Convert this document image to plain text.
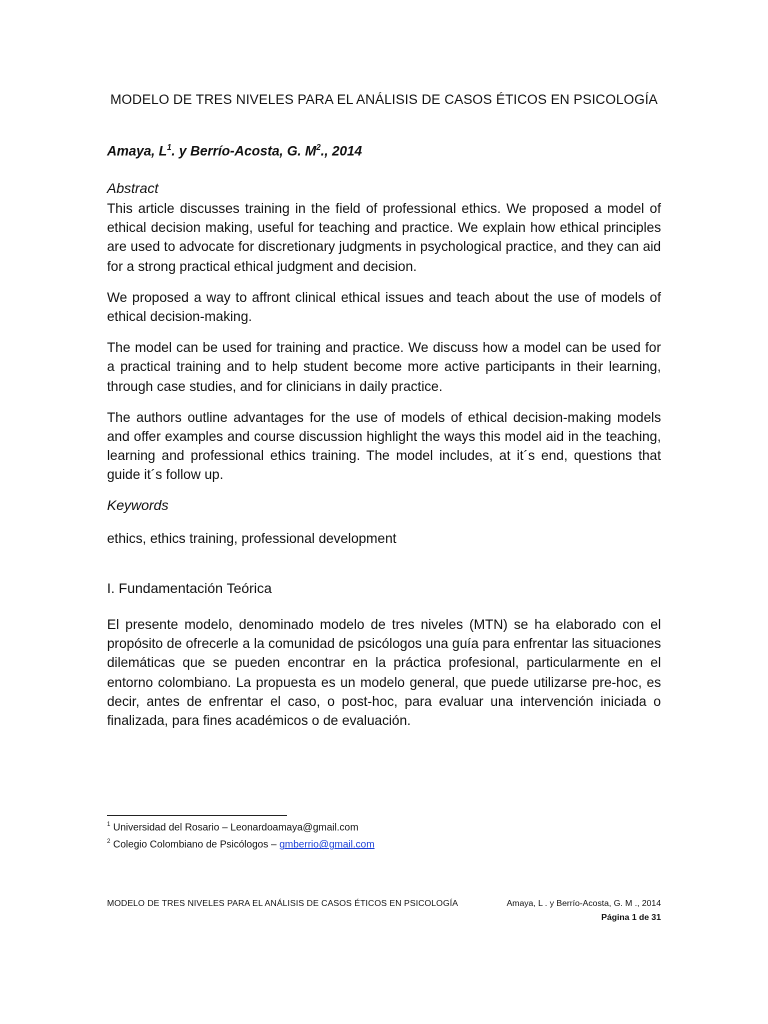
MODELO DE TRES NIVELES PARA EL ANÁLISIS DE CASOS ÉTICOS EN PSICOLOGÍA
Amaya, $L^1$. y Berrío-Acosta, G. $M^2$., 2014
Abstract

This article discusses training in the field of professional ethics. We proposed a model of ethical decision making, useful for teaching and practice. We explain how ethical principles are used to advocate for discretionary judgments in psychological practice, and they can aid for a strong practical ethical judgment and decision.

We proposed a way to affront clinical ethical issues and teach about the use of models of ethical decision-making.

The model can be used for training and practice. We discuss how a model can be used for a practical training and to help student become more active participants in their learning, through case studies, and for clinicians in daily practice.

The authors outline advantages for the use of models of ethical decision-making models and offer examples and course discussion highlight the ways this model aid in the teaching, learning and professional ethics training. The model includes, at it´s end, questions that guide it´s follow up.

Keywords
ethics, ethics training, professional development
I. Fundamentación Teórica
El presente modelo, denominado modelo de tres niveles (MTN) se ha elaborado con el propósito de ofrecerle a la comunidad de psicólogos una guía para enfrentar las situaciones dilemáticas que se pueden encontrar en la práctica profesional, particularmente en el entorno colombiano. La propuesta es un modelo general, que puede utilizarse pre-hoc, es decir, antes de enfrentar el caso, o post-hoc, para evaluar una intervención iniciada o finalizada, para fines académicos o de evaluación.
$^1$ Universidad del Rosario – Leonardoamaya@gmail.com
$^2$ Colegio Colombiano de Psicólogos – gmberrio@gmail.com
MODELO DE TRES NIVELES PARA EL ANÁLISIS DE CASOS ÉTICOS EN PSICOLOGÍA	Amaya, L . y Berrío-Acosta, G. M ., 2014
Página 1 de 31
